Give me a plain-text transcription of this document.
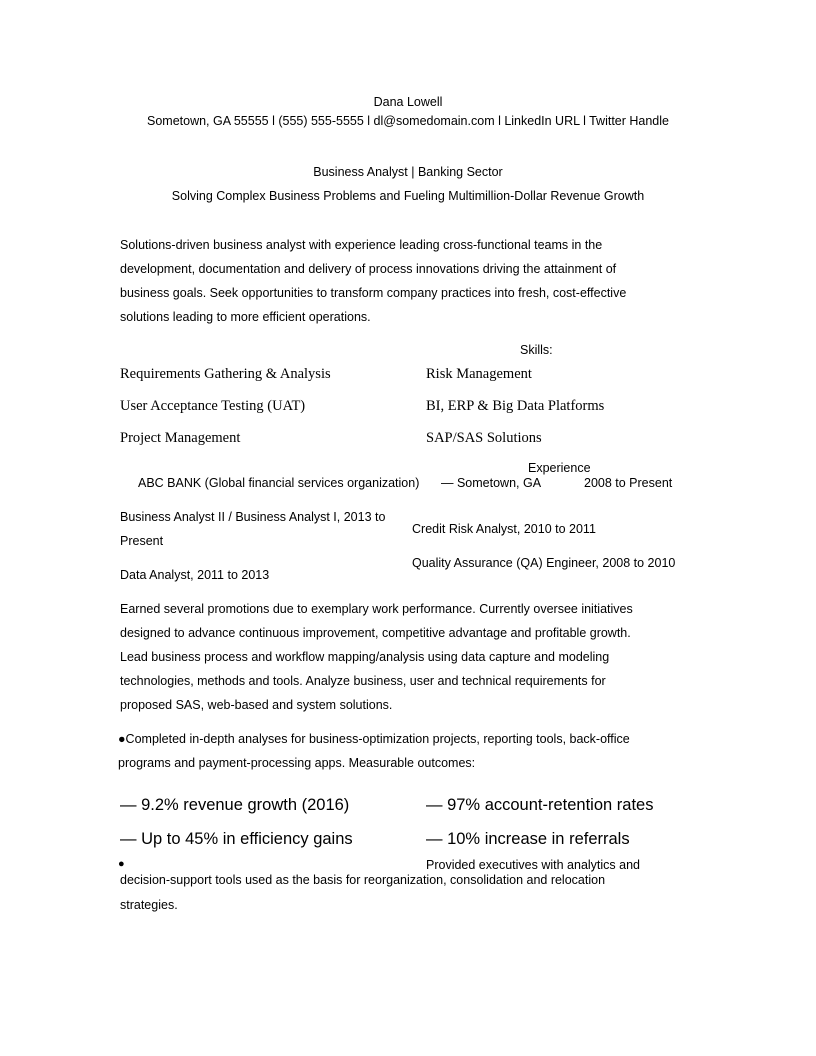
Dana Lowell
Sometown, GA 55555 l (555) 555-5555 l dl@somedomain.com l LinkedIn URL l Twitter Handle
Business Analyst | Banking Sector
Solving Complex Business Problems and Fueling Multimillion-Dollar Revenue Growth
Solutions-driven business analyst with experience leading cross-functional teams in the
development, documentation and delivery of process innovations driving the attainment of
business goals. Seek opportunities to transform company practices into fresh, cost-effective
solutions leading to more efficient operations.
Skills:
Requirements Gathering & Analysis
User Acceptance Testing (UAT)
Project Management
Risk Management
BI, ERP & Big Data Platforms
SAP/SAS Solutions
Experience
ABC BANK (Global financial services organization) — Sometown, GA	2008 to Present
Business Analyst II / Business Analyst I, 2013 to
Present
Data Analyst, 2011 to 2013
Credit Risk Analyst, 2010 to 2011
Quality Assurance (QA) Engineer, 2008 to 2010
Earned several promotions due to exemplary work performance. Currently oversee initiatives
designed to advance continuous improvement, competitive advantage and profitable growth.
Lead business process and workflow mapping/analysis using data capture and modeling
technologies, methods and tools. Analyze business, user and technical requirements for
proposed SAS, web-based and system solutions.
●Completed in-depth analyses for business-optimization projects, reporting tools, back-office
programs and payment-processing apps. Measurable outcomes:
— 9.2% revenue growth (2016)
— Up to 45% in efficiency gains
— 97% account-retention rates
— 10% increase in referrals
●	Provided executives with analytics and
decision-support tools used as the basis for reorganization, consolidation and relocation
strategies.
